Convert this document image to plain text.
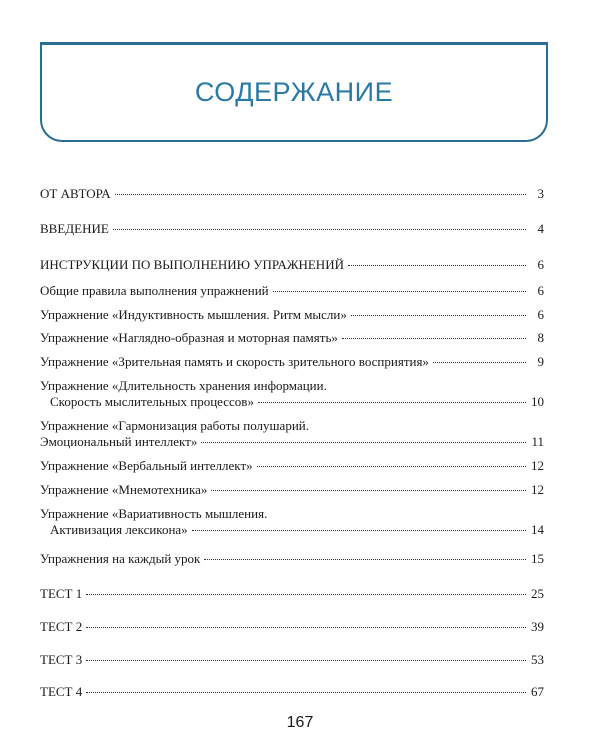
СОДЕРЖАНИЕ
ОТ АВТОРА	3
ВВЕДЕНИЕ	4
ИНСТРУКЦИИ ПО ВЫПОЛНЕНИЮ УПРАЖНЕНИЙ	6
Общие правила выполнения упражнений	6
Упражнение «Индуктивность мышления. Ритм мысли»	6
Упражнение «Наглядно-образная и моторная память»	8
Упражнение «Зрительная память и скорость зрительного восприятия»	9
Упражнение «Длительность хранения информации.
Скорость мыслительных процессов»	10
Упражнение «Гармонизация работы полушарий.
Эмоциональный интеллект»	11
Упражнение «Вербальный интеллект»	12
Упражнение «Мнемотехника»	12
Упражнение «Вариативность мышления.
Активизация лексикона»	14
Упражнения на каждый урок	15
ТЕСТ 1	25
ТЕСТ 2	39
ТЕСТ 3	53
ТЕСТ 4	67
167
